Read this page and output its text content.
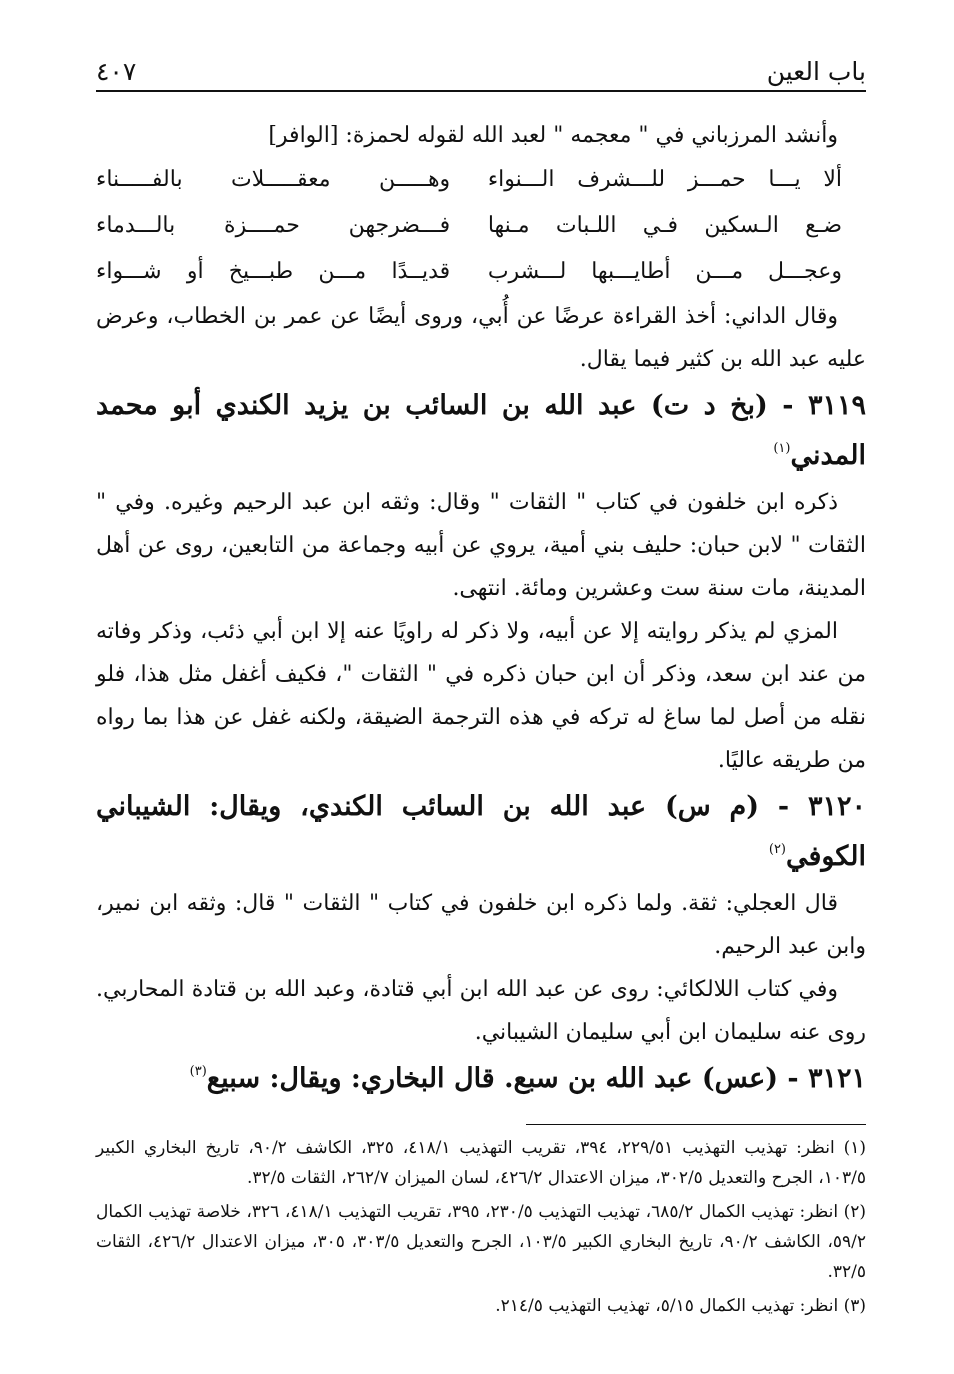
باب العين
٤٠٧

وأنشد المرزباني في " معجمه " لعبد الله لقوله لحمزة: [الوافر]

ألا يـــا حمـــز للـــشرف الـــنواء
وهـــــن معقـــــلات بالفـــــناء
ضـع الـسكين فـي اللـبات مـنها
فـــضرجهن حمــــزة بالـــدماء
وعجـــل مـــن أطايـــبها لـــشرب
قديــدًا مـــن طبـــيخ أو شـــواء

وقال الداني: أخذ القراءة عرضًا عن أُبي، وروى أيضًا عن عمر بن الخطاب، وعرض عليه عبد الله بن كثير فيما يقال.

٣١١٩ - (بخ د ت) عبد الله بن السائب بن يزيد الكندي أبو محمد المدني$^{(١)}$

ذكره ابن خلفون في كتاب " الثقات " وقال: وثقه ابن عبد الرحيم وغيره. وفي " الثقات " لابن حبان: حليف بني أمية، يروي عن أبيه وجماعة من التابعين، روى عن أهل المدينة، مات سنة ست وعشرين ومائة. انتهى.

المزي لم يذكر روايته إلا عن أبيه، ولا ذكر له راويًا عنه إلا ابن أبي ذئب، وذكر وفاته من عند ابن سعد، وذكر أن ابن حبان ذكره في " الثقات "، فكيف أغفل مثل هذا، فلو نقله من أصل لما ساغ له تركه في هذه الترجمة الضيقة، ولكنه غفل عن هذا بما رواه من طريقه عاليًا.

٣١٢٠ - (م س) عبد الله بن السائب الكندي، ويقال: الشيباني الكوفي$^{(٢)}$

قال العجلي: ثقة. ولما ذكره ابن خلفون في كتاب " الثقات " قال: وثقه ابن نمير، وابن عبد الرحيم.

وفي كتاب اللالكائي: روى عن عبد الله ابن أبي قتادة، وعبد الله بن قتادة المحاربي. روى عنه سليمان ابن أبي سليمان الشيباني.

٣١٢١ - (عس) عبد الله بن سبع. قال البخاري: ويقال: سبيع$^{(٣)}$

(١) انظر: تهذيب التهذيب ٢٢٩/٥١، ٣٩٤، تقريب التهذيب ٤١٨/١، ٣٢٥، الكاشف ٩٠/٢، تاريخ البخاري الكبير ١٠٣/٥، الجرح والتعديل ٣٠٢/٥، ميزان الاعتدال ٤٢٦/٢، لسان الميزان ٢٦٢/٧، الثقات ٣٢/٥.

(٢) انظر: تهذيب الكمال ٦٨٥/٢، تهذيب التهذيب ٢٣٠/٥، ٣٩٥، تقريب التهذيب ٤١٨/١، ٣٢٦، خلاصة تهذيب الكمال ٥٩/٢، الكاشف ٩٠/٢، تاريخ البخاري الكبير ١٠٣/٥، الجرح والتعديل ٣٠٣/٥، ٣٠٥، ميزان الاعتدال ٤٢٦/٢، الثقات ٣٢/٥.

(٣) انظر: تهذيب الكمال ٥/١٥، تهذيب التهذيب ٢١٤/٥.
